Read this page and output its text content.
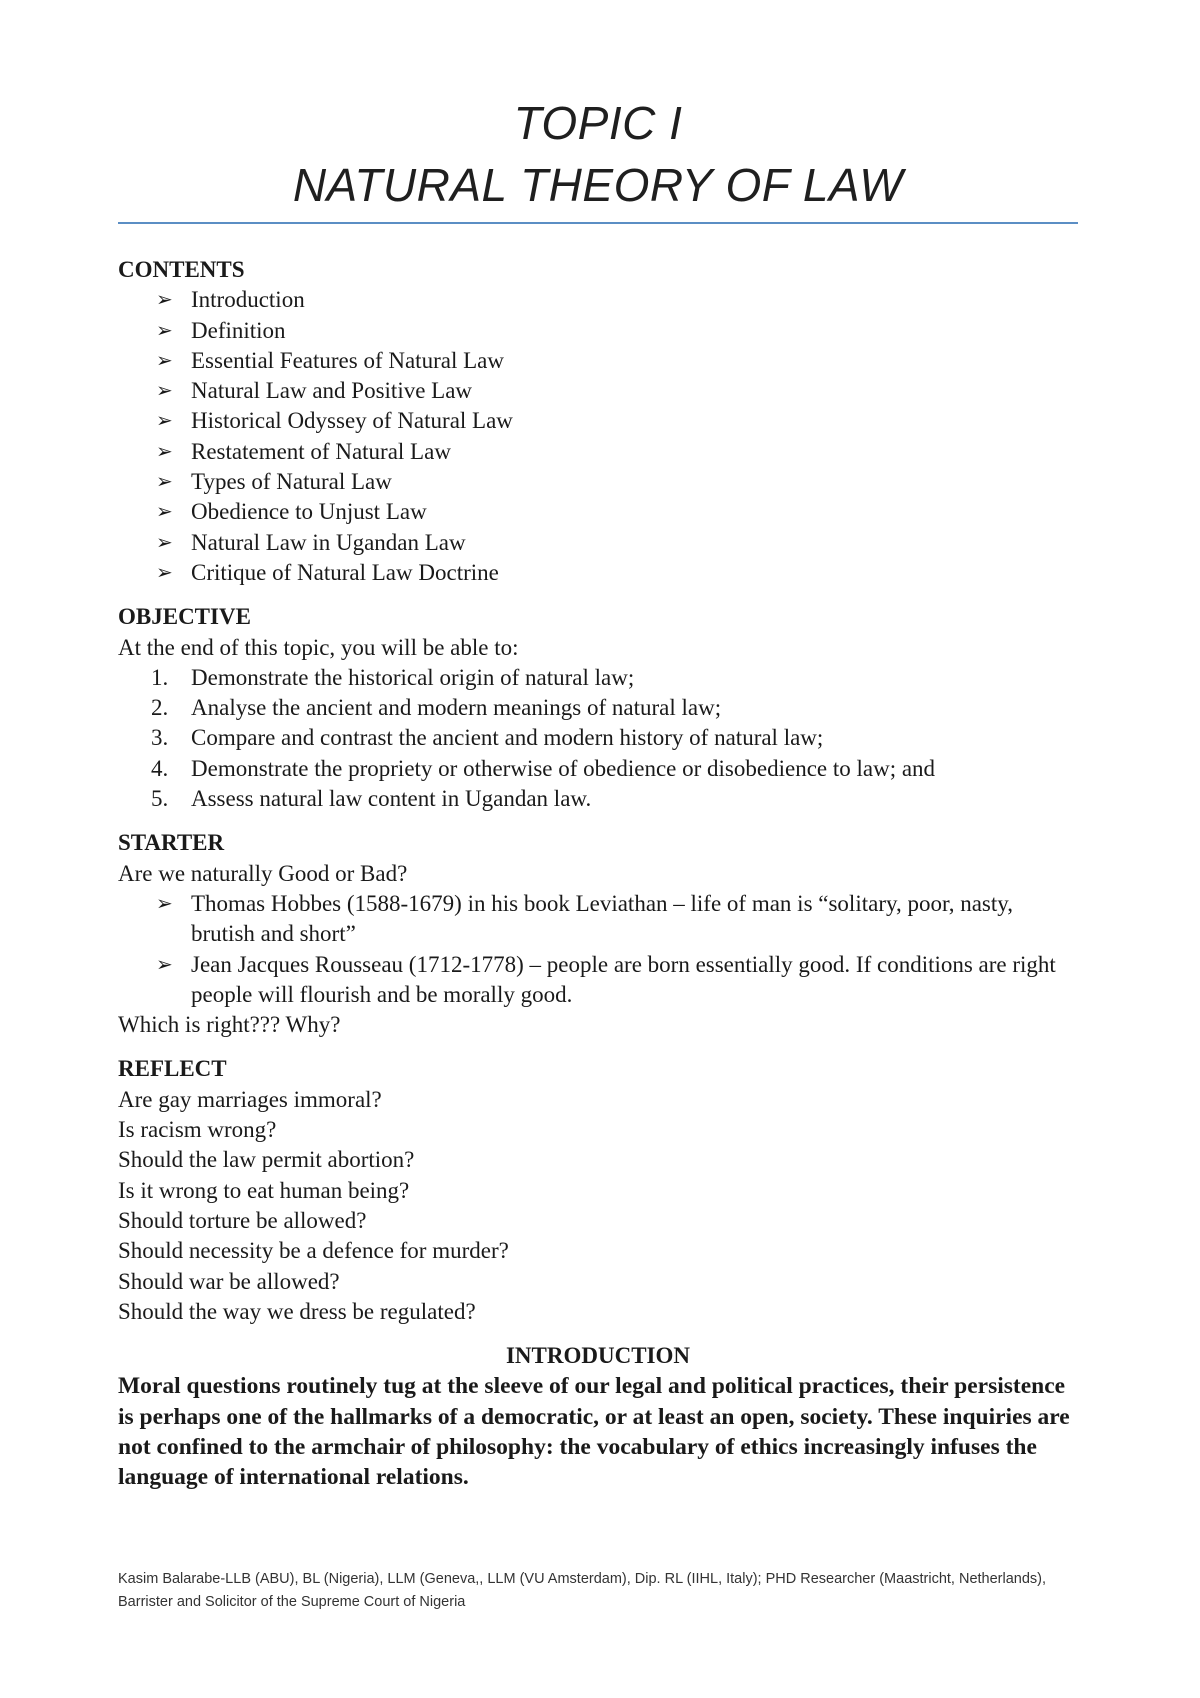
TOPIC I
NATURAL THEORY OF LAW

CONTENTS

➢ Introduction
➢ Definition
➢ Essential Features of Natural Law
➢ Natural Law and Positive Law
➢ Historical Odyssey of Natural Law
➢ Restatement of Natural Law
➢ Types of Natural Law
➢ Obedience to Unjust Law
➢ Natural Law in Ugandan Law
➢ Critique of Natural Law Doctrine

OBJECTIVE

At the end of this topic, you will be able to:

1. Demonstrate the historical origin of natural law;
2. Analyse the ancient and modern meanings of natural law;
3. Compare and contrast the ancient and modern history of natural law;
4. Demonstrate the propriety or otherwise of obedience or disobedience to law; and
5. Assess natural law content in Ugandan law.

STARTER

Are we naturally Good or Bad?

➢ Thomas Hobbes (1588-1679) in his book Leviathan – life of man is “solitary, poor, nasty, brutish and short”
➢ Jean Jacques Rousseau (1712-1778) – people are born essentially good. If conditions are right people will flourish and be morally good.

Which is right??? Why?

REFLECT

Are gay marriages immoral?

Is racism wrong?

Should the law permit abortion?

Is it wrong to eat human being?

Should torture be allowed?

Should necessity be a defence for murder?

Should war be allowed?

Should the way we dress be regulated?

INTRODUCTION

Moral questions routinely tug at the sleeve of our legal and political practices, their persistence is perhaps one of the hallmarks of a democratic, or at least an open, society. These inquiries are not confined to the armchair of philosophy: the vocabulary of ethics increasingly infuses the language of international relations.

Kasim Balarabe-LLB (ABU), BL (Nigeria), LLM (Geneva,, LLM (VU Amsterdam), Dip. RL (IIHL, Italy); PHD Researcher (Maastricht, Netherlands), Barrister and Solicitor of the Supreme Court of Nigeria
